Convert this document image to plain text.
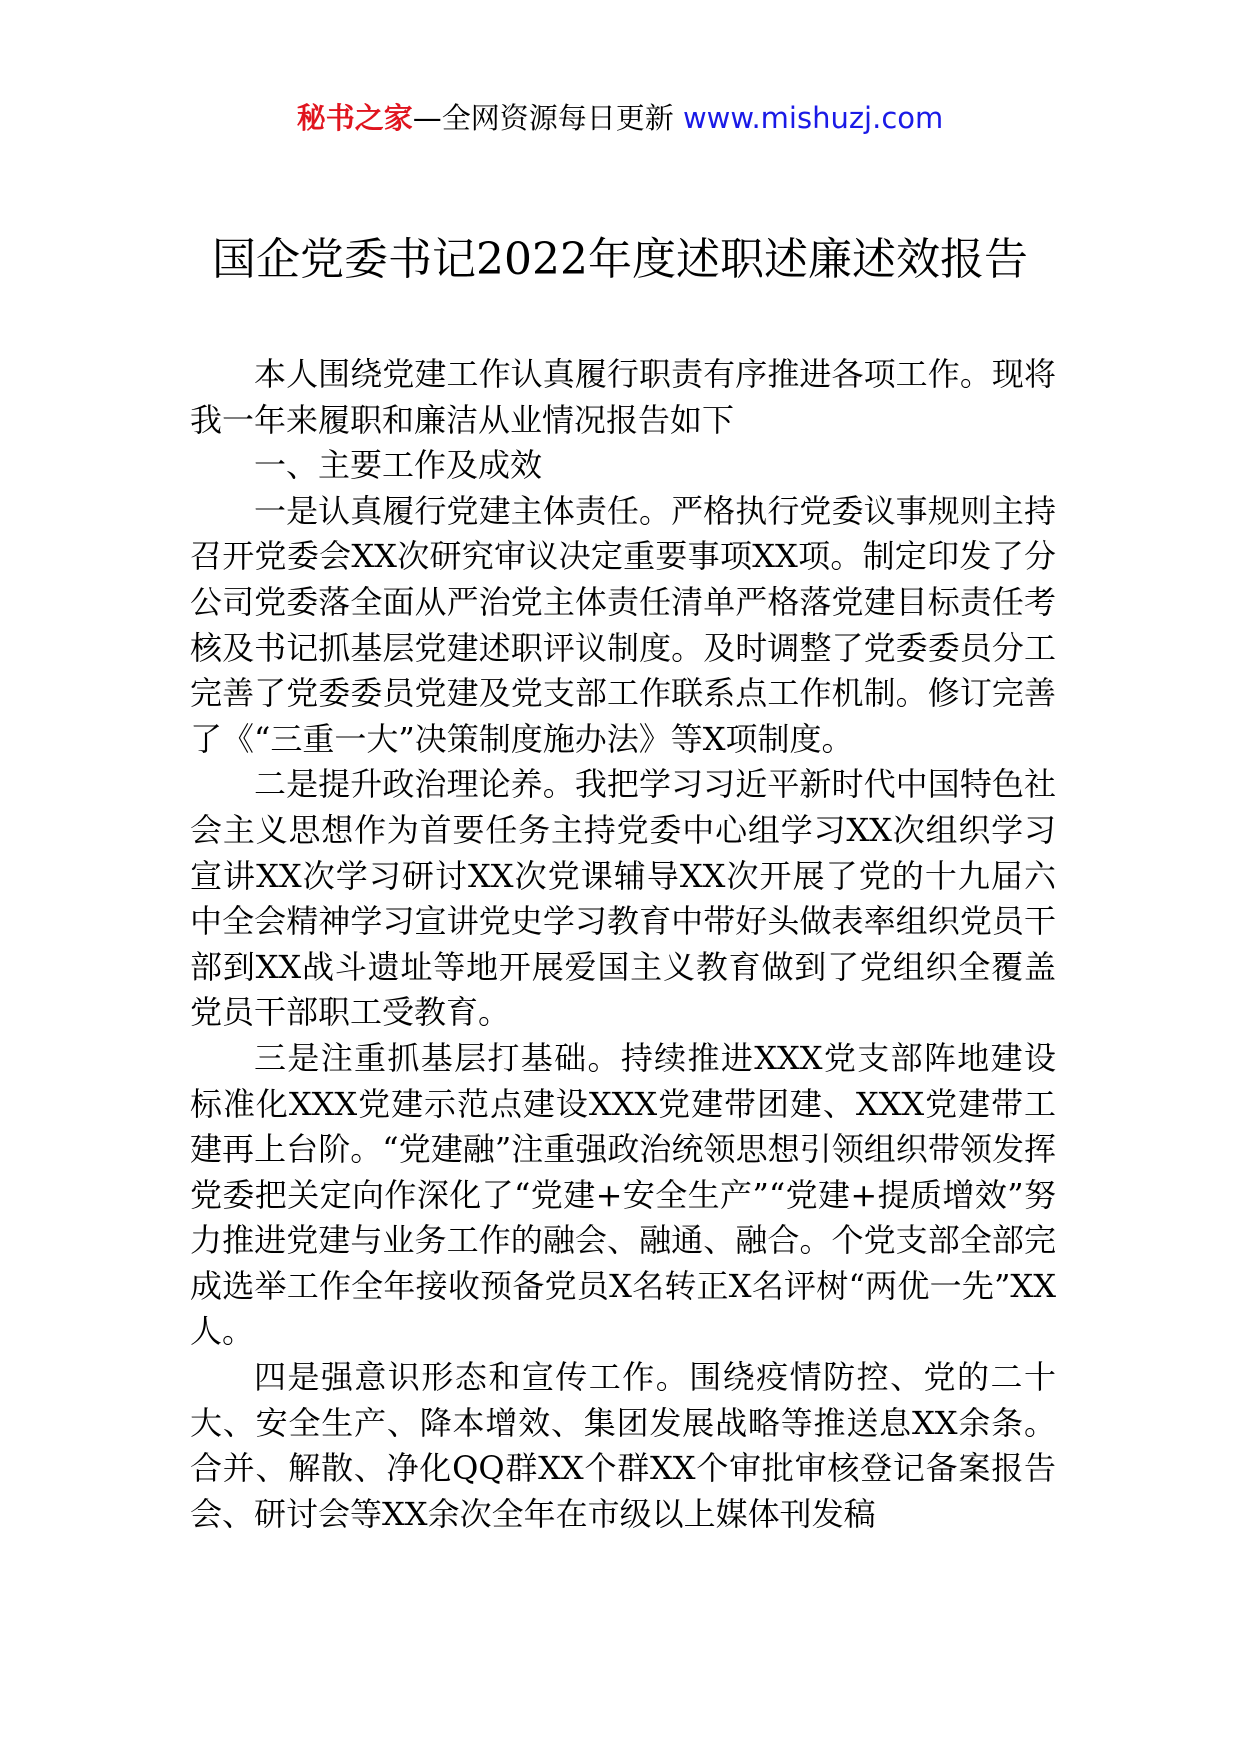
秘书之家—全网资源每日更新 www.mishuzj.com
国企党委书记2022年度述职述廉述效报告

本人围绕党建工作认真履行职责有序推进各项工作。现将我一年来履职和廉洁从业情况报告如下

一、主要工作及成效

一是认真履行党建主体责任。严格执行党委议事规则主持召开党委会XX次研究审议决定重要事项XX项。制定印发了分公司党委落全面从严治党主体责任清单严格落党建目标责任考核及书记抓基层党建述职评议制度。及时调整了党委委员分工完善了党委委员党建及党支部工作联系点工作机制。修订完善了《“三重一大”决策制度施办法》等X项制度。

二是提升政治理论养。我把学习习近平新时代中国特色社会主义思想作为首要任务主持党委中心组学习XX次组织学习宣讲XX次学习研讨XX次党课辅导XX次开展了党的十九届六中全会精神学习宣讲党史学习教育中带好头做表率组织党员干部到XX战斗遗址等地开展爱国主义教育做到了党组织全覆盖党员干部职工受教育。

三是注重抓基层打基础。持续推进XXX党支部阵地建设标准化XXX党建示范点建设XXX党建带团建、XXX党建带工建再上台阶。“党建融”注重强政治统领思想引领组织带领发挥党委把关定向作深化了“党建+安全生产”“党建+提质增效”努力推进党建与业务工作的融会、融通、融合。个党支部全部完成选举工作全年接收预备党员X名转正X名评树“两优一先”XX人。

四是强意识形态和宣传工作。围绕疫情防控、党的二十大、安全生产、降本增效、集团发展战略等推送息XX余条。合并、解散、净化QQ群XX个群XX个审批审核登记备案报告会、研讨会等XX余次全年在市级以上媒体刊发稿
